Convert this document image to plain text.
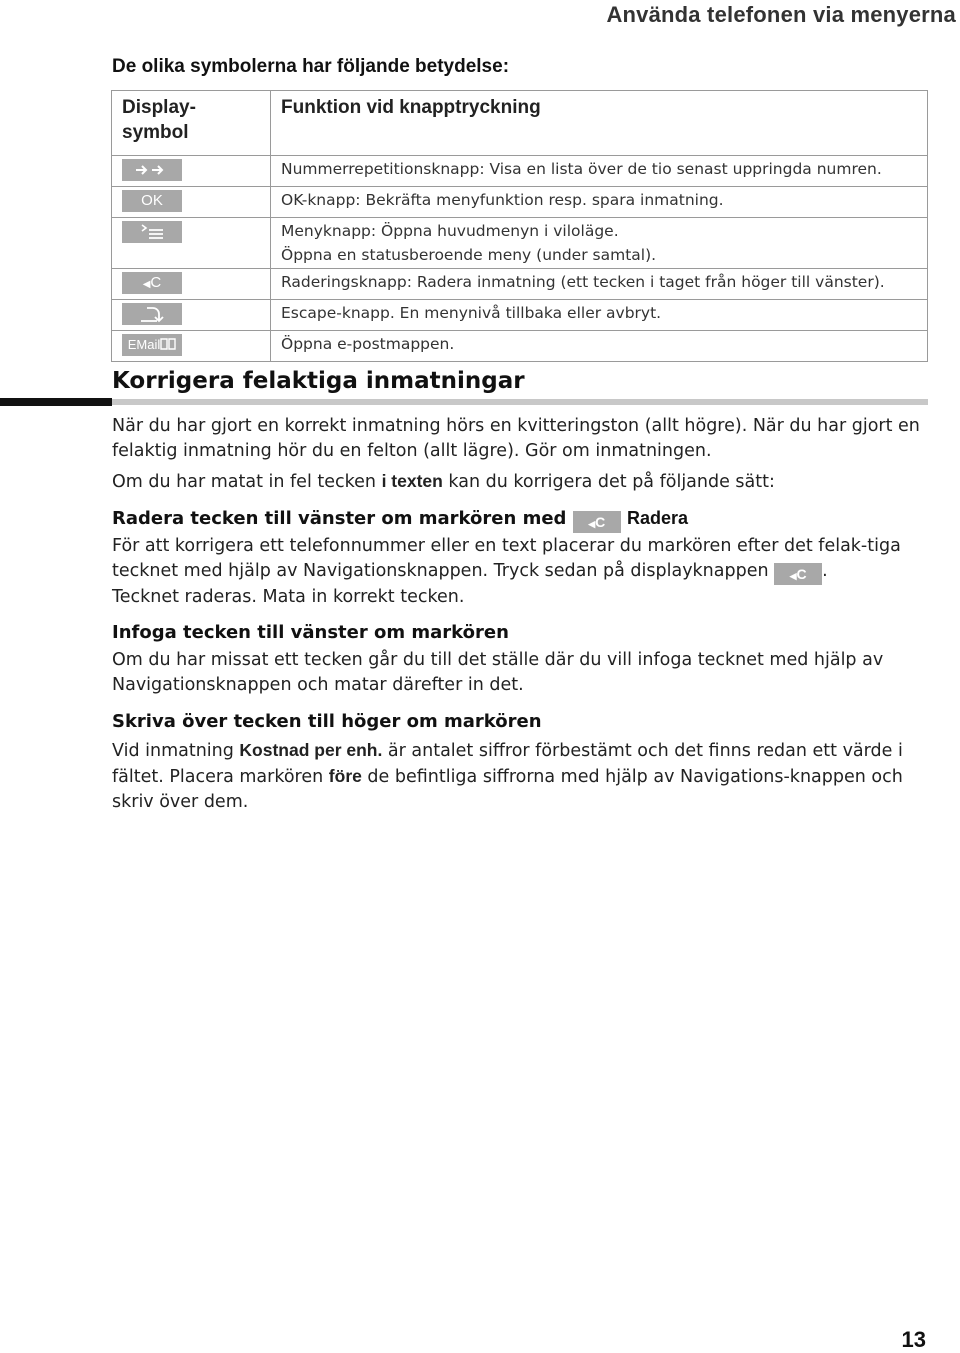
Använda telefonen via menyerna
De olika symbolerna har följande betydelse:
Display-
symbol	Funktion vid knapptryckning
	Nummerrepetitionsknapp: Visa en lista över de tio senast uppringda numren.
OK	OK-knapp: Bekräfta menyfunktion resp. spara inmatning.
	Menyknapp: Öppna huvudmenyn i viloläge.
Öppna en statusberoende meny (under samtal).
◀C	Raderingsknapp: Radera inmatning (ett tecken i taget från höger till vänster).
	Escape-knapp. En menynivå tillbaka eller avbryt.
EMail	Öppna e-postmappen.
Korrigera felaktiga inmatningar
När du har gjort en korrekt inmatning hörs en kvitteringston (allt högre). När du har gjort en felaktig inmatning hör du en felton (allt lägre). Gör om inmatningen.
Om du har matat in fel tecken i texten kan du korrigera det på följande sätt:
Radera tecken till vänster om markören med ◀C Radera
För att korrigera ett telefonnummer eller en text placerar du markören efter det felak-tiga tecknet med hjälp av Navigationsknappen. Tryck sedan på displayknappen ◀C .
Tecknet raderas. Mata in korrekt tecken.
Infoga tecken till vänster om markören
Om du har missat ett tecken går du till det ställe där du vill infoga tecknet med hjälp av Navigationsknappen och matar därefter in det.
Skriva över tecken till höger om markören
Vid inmatning Kostnad per enh. är antalet siffror förbestämt och det finns redan ett värde i fältet. Placera markören före de befintliga siffrorna med hjälp av Navigations-knappen och skriv över dem.
13
